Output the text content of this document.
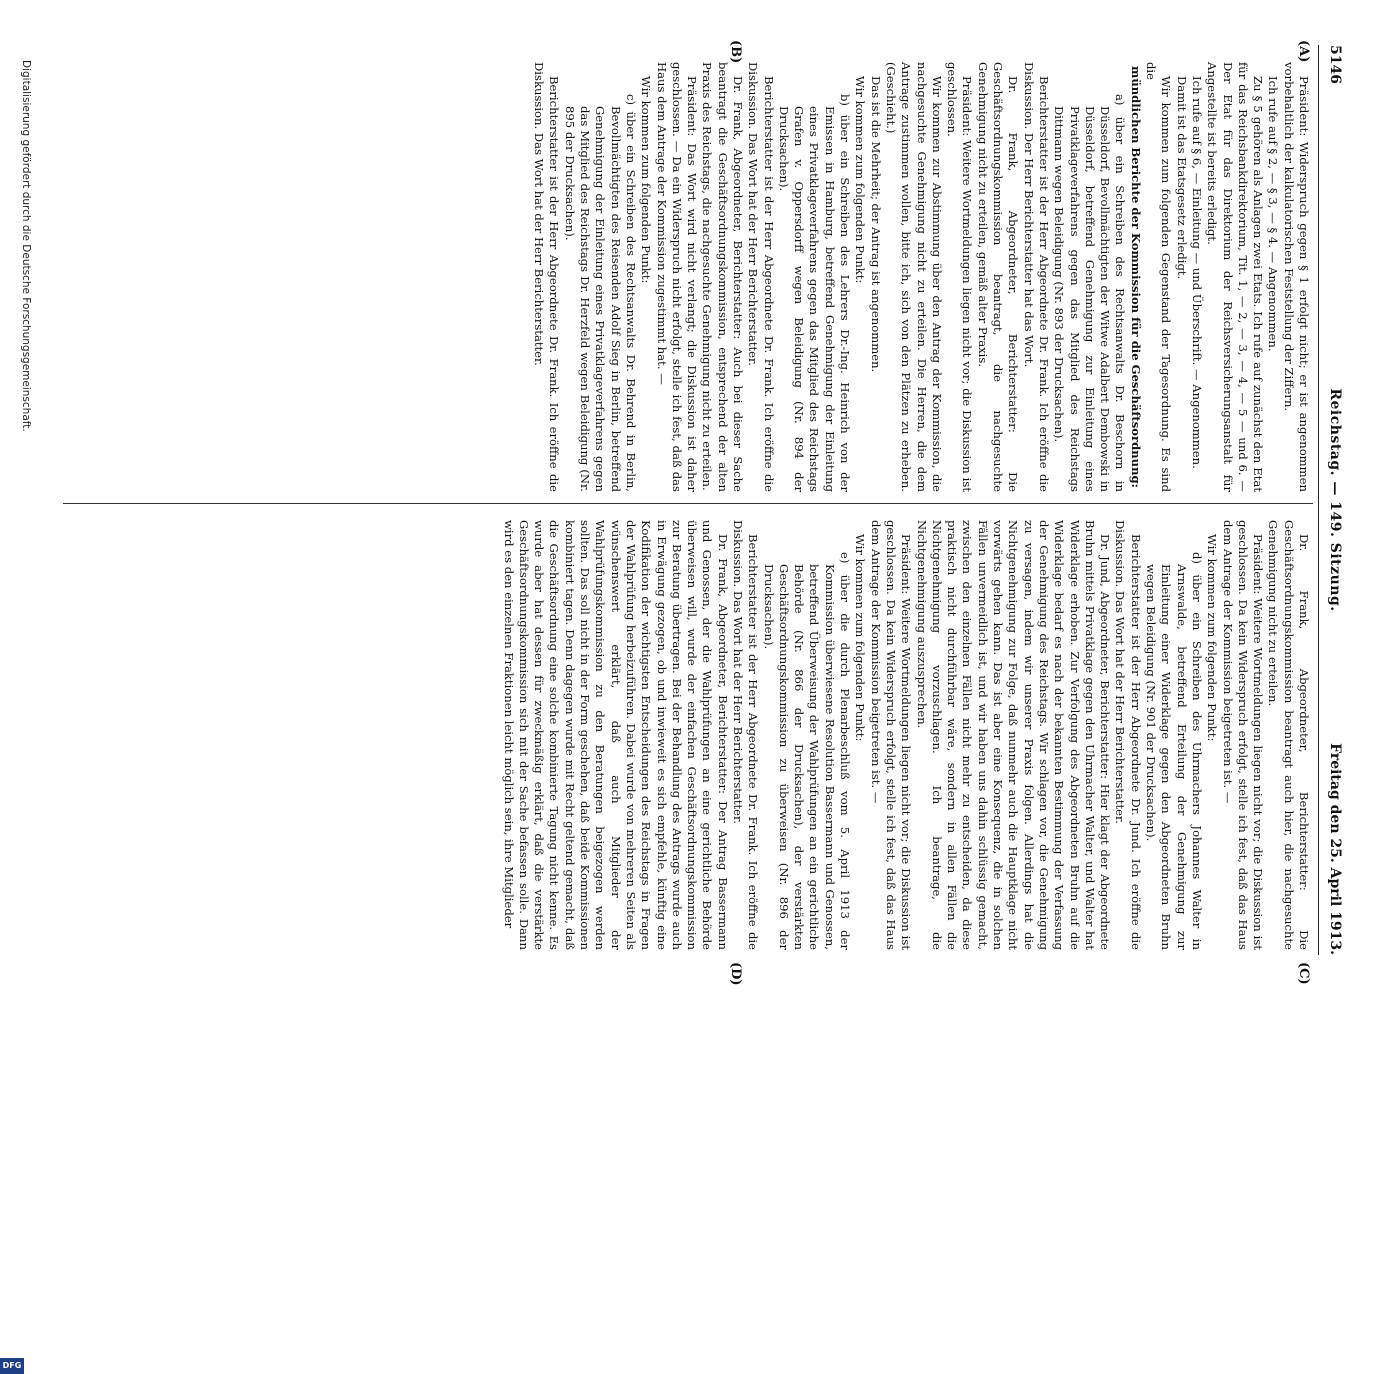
5146
Reichstag. — 149. Sitzung.
Freitag den 25. April 1913.
(A)
(B)
(C)
(D)

Präsident: Widerspruch gegen § 1 erfolgt nicht; er ist angenommen vorbehaltlich der kalkulatorischen Feststellung der Ziffern.

Ich rufe auf § 2, — § 3, — § 4. — Angenommen.

Zu § 5 gehören als Anlagen zwei Etats. Ich rufe auf zunächst den Etat für das Reichsbankdirektorium, Tit. 1, — 2, — 3, — 4, — 5 — und 6. — Der Etat für das Direktorium der Reichsversicherungsanstalt für Angestellte ist bereits erledigt.

Ich rufe auf § 6, — Einleitung — und Überschrift. — Angenommen.

Damit ist das Etatsgesetz erledigt.

Wir kommen zum folgenden Gegenstand der Tagesordnung. Es sind die

mündlichen Berichte der Kommission für die Geschäftsordnung:

a) über ein Schreiben des Rechtsanwalts Dr. Beschorn in Düsseldorf, Bevollmächtigten der Witwe Adalbert Dembowski in Düsseldorf, betreffend Genehmigung zur Einleitung eines Privatklageverfahrens gegen das Mitglied des Reichstags Dittmann wegen Beleidigung (Nr. 893 der Drucksachen).

Berichterstatter ist der Herr Abgeordnete Dr. Frank. Ich eröffne die Diskussion. Der Herr Berichterstatter hat das Wort.

Dr. Frank, Abgeordneter, Berichterstatter: Die Geschäftsordnungskommission beantragt, die nachgesuchte Genehmigung nicht zu erteilen, gemäß alter Praxis.

Präsident: Weitere Wortmeldungen liegen nicht vor; die Diskussion ist geschlossen.

Wir kommen zur Abstimmung über den Antrag der Kommission, die nachgesuchte Genehmigung nicht zu erteilen. Die Herren, die dem Antrage zustimmen wollen, bitte ich, sich von den Plätzen zu erheben. (Geschieht.)

Das ist die Mehrheit; der Antrag ist angenommen.

Wir kommen zum folgenden Punkt:

b) über ein Schreiben des Lehrers Dr.-Ing. Heinrich von der Emissen in Hamburg, betreffend Genehmigung der Einleitung eines Privatklageverfahrens gegen das Mitglied des Reichstags Grafen v. Oppersdorff wegen Beleidigung (Nr. 894 der Drucksachen).

Berichterstatter ist der Herr Abgeordnete Dr. Frank. Ich eröffne die Diskussion. Das Wort hat der Herr Berichterstatter.

Dr. Frank, Abgeordneter, Berichterstatter: Auch bei dieser Sache beantragt die Geschäftsordnungskommission, entsprechend der alten Praxis des Reichstags, die nachgesuchte Genehmigung nicht zu erteilen.

Präsident: Das Wort wird nicht verlangt; die Diskussion ist daher geschlossen. — Da ein Widerspruch nicht erfolgt, stelle ich fest, daß das Haus dem Antrage der Kommission zugestimmt hat. —

Wir kommen zum folgenden Punkt:

c) über ein Schreiben des Rechtsanwalts Dr. Behrend in Berlin, Bevollmächtigten des Reisenden Adolf Sieg in Berlin, betreffend Genehmigung der Einleitung eines Privatklageverfahrens gegen das Mitglied des Reichstags Dr. Herzfeld wegen Beleidigung (Nr. 895 der Drucksachen).

Berichterstatter ist der Herr Abgeordnete Dr. Frank. Ich eröffne die Diskussion. Das Wort hat der Herr Berichterstatter.

Dr. Frank, Abgeordneter, Berichterstatter: Die Geschäftsordnungskommission beantragt auch hier, die nachgesuchte Genehmigung nicht zu erteilen.

Präsident: Weitere Wortmeldungen liegen nicht vor; die Diskussion ist geschlossen. Da kein Widerspruch erfolgt, stelle ich fest, daß das Haus dem Antrage der Kommission beigetreten ist. —

Wir kommen zum folgenden Punkt:

d) über ein Schreiben des Uhrmachers Johannes Walter in Arnswalde, betreffend Erteilung der Genehmigung zur Einleitung einer Widerklage gegen den Abgeordneten Bruhn wegen Beleidigung (Nr. 901 der Drucksachen).

Berichterstatter ist der Herr Abgeordnete Dr. Jund. Ich eröffne die Diskussion. Das Wort hat der Herr Berichterstatter.

Dr. Jund, Abgeordneter, Berichterstatter: Hier klagt der Abgeordnete Bruhn mittels Privatklage gegen den Uhrmacher Walter, und Walter hat Widerklage erhoben. Zur Verfolgung des Abgeordneten Bruhn auf die Widerklage bedarf es nach der bekannten Bestimmung der Verfassung der Genehmigung des Reichstags. Wir schlagen vor, die Genehmigung zu versagen, indem wir unserer Praxis folgen. Allerdings hat die Nichtgenehmigung zur Folge, daß nunmehr auch die Hauptklage nicht vorwärts gehen kann. Das ist aber eine Konsequenz, die in solchen Fällen unvermeidlich ist, und wir haben uns dahin schlüssig gemacht, zwischen den einzelnen Fällen nicht mehr zu entscheiden, da diese praktisch nicht durchführbar wäre, sondern in allen Fällen die Nichtgenehmigung vorzuschlagen. Ich beantrage, die Nichtgenehmigung auszusprechen.

Präsident: Weitere Wortmeldungen liegen nicht vor; die Diskussion ist geschlossen. Da kein Widerspruch erfolgt, stelle ich fest, daß das Haus dem Antrage der Kommission beigetreten ist. —

Wir kommen zum folgenden Punkt:

e) über die durch Plenarbeschluß vom 5. April 1913 der Kommission überwiesene Resolution Bassermann und Genossen, betreffend Überweisung der Wahlprüfungen an ein gerichtliche Behörde (Nr. 866 der Drucksachen), der verstärkten Geschäftsordnungskommission zu überweisen (Nr. 896 der Drucksachen).

Berichterstatter ist der Herr Abgeordnete Dr. Frank. Ich eröffne die Diskussion. Das Wort hat der Herr Berichterstatter.

Dr. Frank, Abgeordneter, Berichterstatter: Der Antrag Bassermann und Genossen, der die Wahlprüfungen an eine gerichtliche Behörde überweisen will, wurde der einfachen Geschäftsordnungskommission zur Beratung übertragen. Bei der Behandlung des Antrags wurde auch in Erwägung gezogen, ob und inwieweit es sich empfehle, künftig eine Kodifikation der wichtigsten Entscheidungen des Reichstags in Fragen der Wahlprüfung herbeizuführen. Dabei wurde von mehreren Seiten als wünschenswert erklärt, daß auch Mitglieder der Wahlprüfungskommission zu den Beratungen beigezogen werden sollten. Das soll nicht in der Form geschehen, daß beide Kommissionen kombiniert tagen. Denn dagegen wurde mit Recht geltend gemacht, daß die Geschäftsordnung eine solche kombinierte Tagung nicht kenne. Es wurde aber hat dessen für zweckmäßig erklärt, daß die verstärkte Geschäftsordnungskommission sich mit der Sache befassen solle. Dann wird es den einzelnen Fraktionen leicht möglich sein, ihre Mitglieder

Digitalisierung gefördert durch die Deutsche Forschungsgemeinschaft.
DFG
